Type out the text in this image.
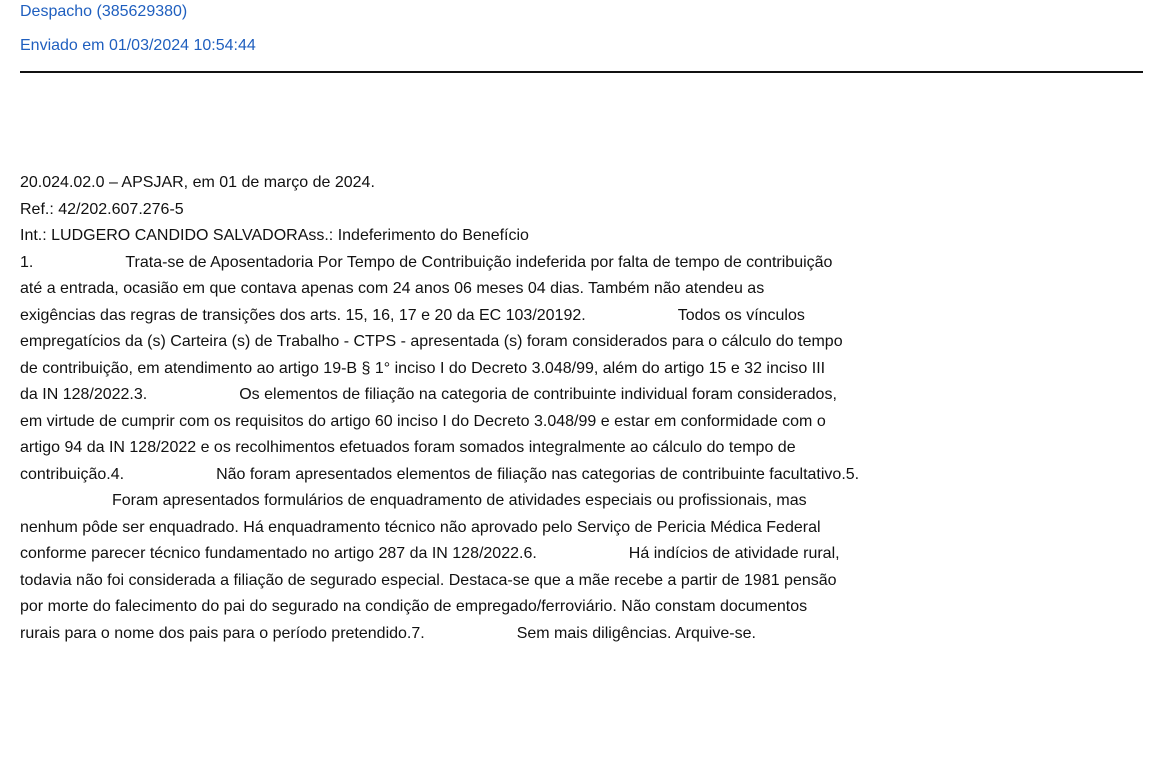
Despacho (385629380)

Enviado em 01/03/2024 10:54:44

20.024.02.0 – APSJAR, em 01 de março de 2024.

Ref.: 42/202.607.276-5

Int.: LUDGERO CANDIDO SALVADORAss.: Indeferimento do Benefício

1.	Trata-se de Aposentadoria Por Tempo de Contribuição indeferida por falta de tempo de contribuição

até a entrada, ocasião em que contava apenas com 24 anos 06 meses 04 dias. Também não atendeu as

exigências das regras de transições dos arts. 15, 16, 17 e 20 da EC 103/20192.	Todos os vínculos

empregatícios da (s) Carteira (s) de Trabalho - CTPS - apresentada (s) foram considerados para o cálculo do tempo

de contribuição, em atendimento ao artigo 19-B § 1° inciso I do Decreto 3.048/99, além do artigo 15 e 32 inciso III

da IN 128/2022.3.	Os elementos de filiação na categoria de contribuinte individual foram considerados,

em virtude de cumprir com os requisitos do artigo 60 inciso I do Decreto 3.048/99 e estar em conformidade com o

artigo 94 da IN 128/2022 e os recolhimentos efetuados foram somados integralmente ao cálculo do tempo de

contribuição.4.	Não foram apresentados elementos de filiação nas categorias de contribuinte facultativo.5.

Foram apresentados formulários de enquadramento de atividades especiais ou profissionais, mas

nenhum pôde ser enquadrado. Há enquadramento técnico não aprovado pelo Serviço de Pericia Médica Federal

conforme parecer técnico fundamentado no artigo 287 da IN 128/2022.6.	Há indícios de atividade rural,

todavia não foi considerada a filiação de segurado especial. Destaca-se que a mãe recebe a partir de 1981 pensão

por morte do falecimento do pai do segurado na condição de empregado/ferroviário. Não constam documentos

rurais para o nome dos pais para o período pretendido.7.	Sem mais diligências. Arquive-se.
